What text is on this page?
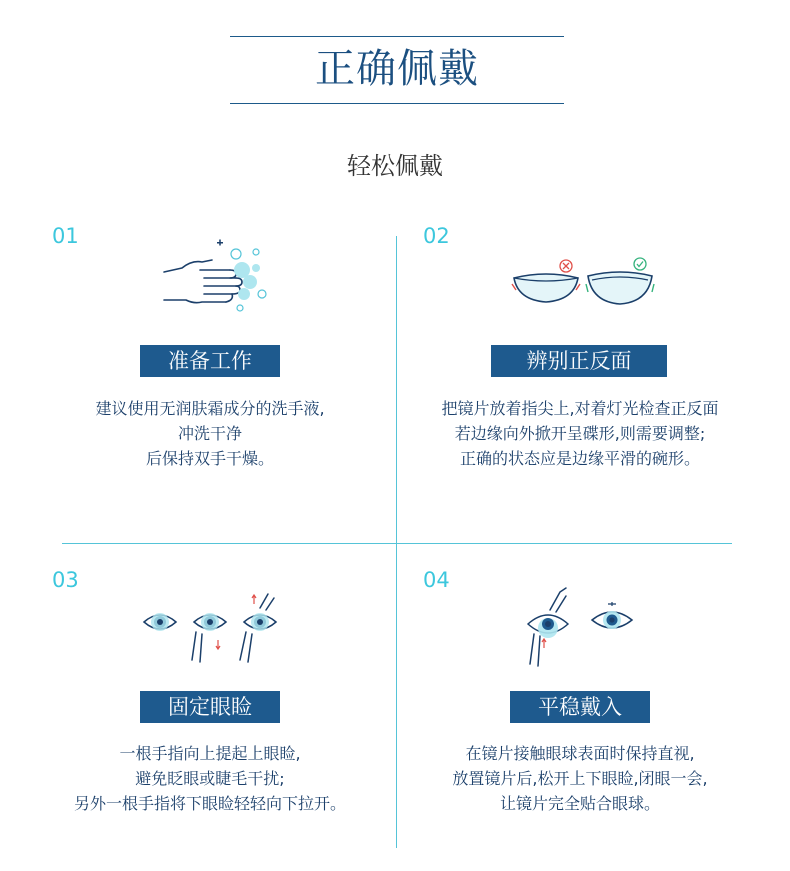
正确佩戴
轻松佩戴
01
准备工作
建议使用无润肤霜成分的洗手液,
冲洗干净
后保持双手干燥。
02
辨别正反面
把镜片放着指尖上,对着灯光检查正反面
若边缘向外掀开呈碟形,则需要调整;
正确的状态应是边缘平滑的碗形。
03
固定眼睑
一根手指向上提起上眼睑,
避免眨眼或睫毛干扰;
另外一根手指将下眼睑轻轻向下拉开。
04
平稳戴入
在镜片接触眼球表面时保持直视,
放置镜片后,松开上下眼睑,闭眼一会,
让镜片完全贴合眼球。
